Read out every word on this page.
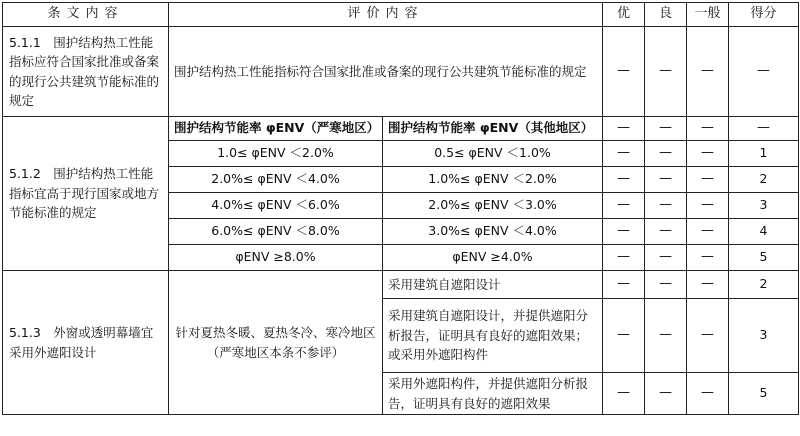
条文内容	评价内容		优	良	一般	得分
5.1.1　围护结构热工性能指标应符合国家批准或备案的现行公共建筑节能标准的规定	围护结构热工性能指标符合国家批准或备案的现行公共建筑节能标准的规定		—	—	—	—
5.1.2　围护结构热工性能指标宜高于现行国家或地方节能标准的规定	围护结构节能率 φENV（严寒地区）	围护结构节能率 φENV（其他地区）	—	—	—	—
	1.0≤ φENV ＜2.0%	0.5≤ φENV ＜1.0%	—	—	—	1
	2.0%≤ φENV ＜4.0%	1.0%≤ φENV ＜2.0%	—	—	—	2
	4.0%≤ φENV ＜6.0%	2.0%≤ φENV ＜3.0%	—	—	—	3
	6.0%≤ φENV ＜8.0%	3.0%≤ φENV ＜4.0%	—	—	—	4
	φENV ≥8.0%	φENV ≥4.0%	—	—	—	5
5.1.3　外窗或透明幕墙宜采用外遮阳设计	针对夏热冬暖、夏热冬冷、寒冷地区（严寒地区本条不参评）	采用建筑自遮阳设计	—	—	—	2
		采用建筑自遮阳设计，并提供遮阳分析报告，证明具有良好的遮阳效果；或采用外遮阳构件	—	—	—	3
		采用外遮阳构件，并提供遮阳分析报告，证明具有良好的遮阳效果	—	—	—	5
